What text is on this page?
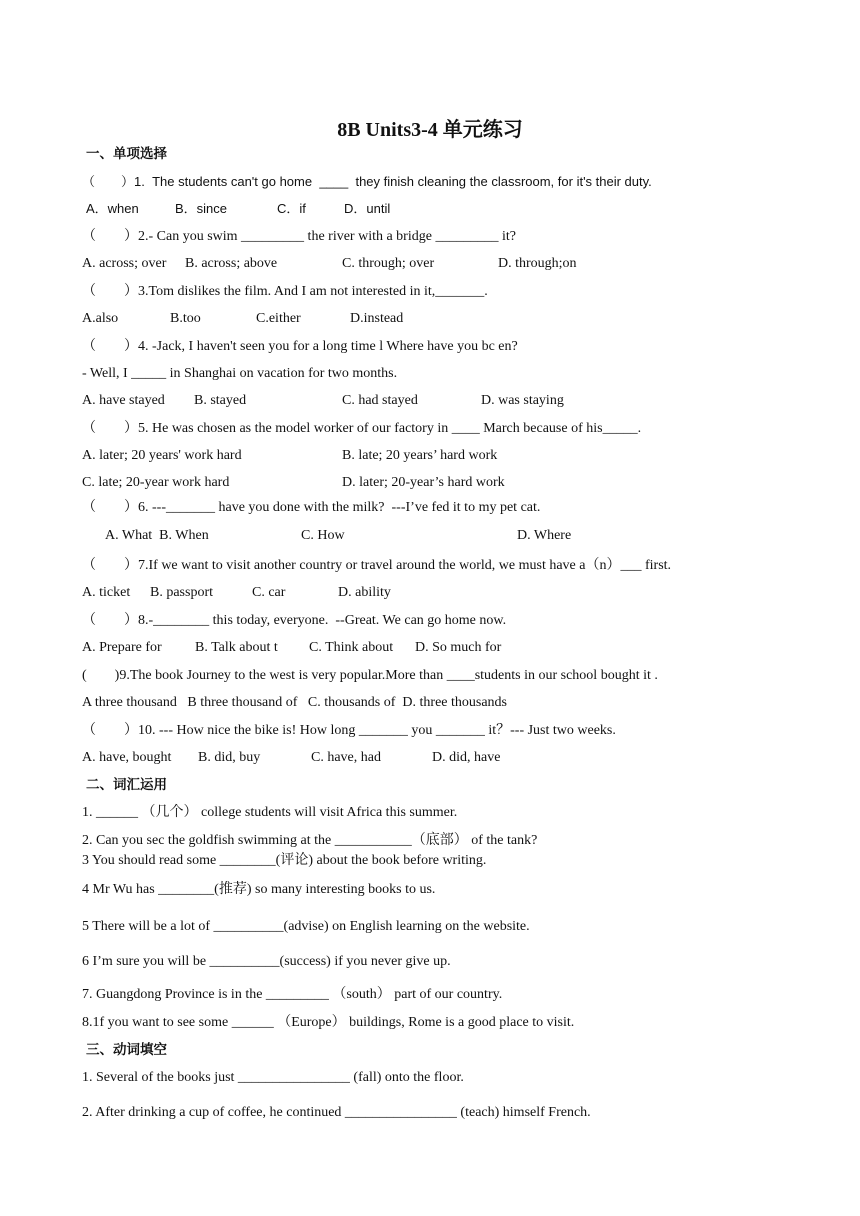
8B Units3-4 单元练习
一、单项选择
（　　）1.  The students can't go home  ____  they finish cleaning the classroom, for it's their duty.
A．when	B．since	C．if	D．until
（　　）2.- Can you swim _________ the river with a bridge _________ it?
A. across; over B. across; above	C. through; over	D. through;on
（　　）3.Tom dislikes the film. And I am not interested in it,_______.
A.also	B.too	C.either	D.instead
（　　）4. -Jack, I haven't seen you for a long time l Where have you bc en?
- Well, I _____ in Shanghai on vacation for two months.
A. have stayed B. stayed	C. had stayed	D. was staying
（　　）5. He was chosen as the model worker of our factory in ____ March because of his_____.
A. later; 20 years' work hard	B. late; 20 years’ hard work
C. late; 20-year work hard	D. later; 20-year’s hard work
（　　）6. ---_______ have you done with the milk?  ---I’ve fed it to my pet cat.
A. What  B. When	C. How	D. Where
（　　）7.If we want to visit another country or travel around the world, we must have a（n）___ first.
A. ticket B. passport	C. car	D. ability
（　　）8.-________ this today, everyone.  --Great. We can go home now.
A. Prepare for B. Talk about t C. Think about D. So much for
(　　)9.The book Journey to the west is very popular.More than ____students in our school bought it .
A three thousand   B three thousand of   C. thousands of  D. three thousands
（　　）10. --- How nice the bike is! How long _______ you _______ it？--- Just two weeks.
A. have, bought B. did, buy	C. have, had	D. did, have
二、词汇运用
1. ______ （几个） college students will visit Africa this summer.
2. Can you sec the goldfish swimming at the ___________（底部） of the tank?
3 You should read some ________(评论) about the book before writing.
4 Mr Wu has ________(推荐) so many interesting books to us.
5 There will be a lot of __________(advise) on English learning on the website.
6 I’m sure you will be __________(success) if you never give up.
7. Guangdong Province is in the _________ （south） part of our country.
8.1f you want to see some ______ （Europe） buildings, Rome is a good place to visit.
三、动词填空
1. Several of the books just ________________ (fall) onto the floor.
2. After drinking a cup of coffee, he continued ________________ (teach) himself French.
